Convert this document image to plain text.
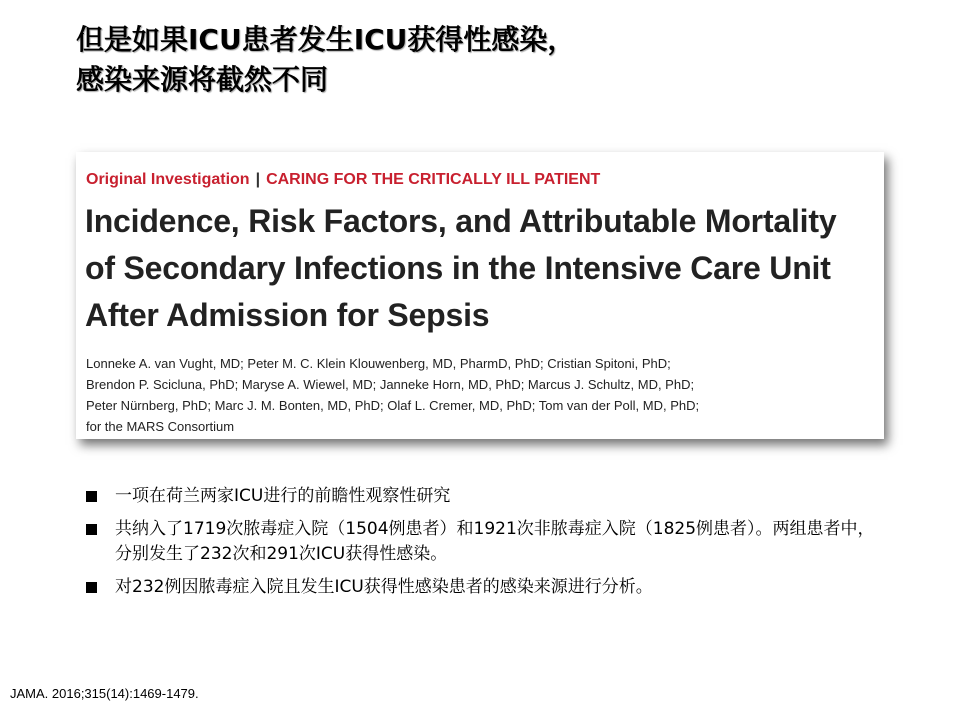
但是如果ICU患者发生ICU获得性感染，
感染来源将截然不同
Original Investigation | CARING FOR THE CRITICALLY ILL PATIENT
Incidence, Risk Factors, and Attributable Mortality
of Secondary Infections in the Intensive Care Unit
After Admission for Sepsis
Lonneke A. van Vught, MD; Peter M. C. Klein Klouwenberg, MD, PharmD, PhD; Cristian Spitoni, PhD;
Brendon P. Scicluna, PhD; Maryse A. Wiewel, MD; Janneke Horn, MD, PhD; Marcus J. Schultz, MD, PhD;
Peter Nürnberg, PhD; Marc J. M. Bonten, MD, PhD; Olaf L. Cremer, MD, PhD; Tom van der Poll, MD, PhD;
for the MARS Consortium
一项在荷兰两家ICU进行的前瞻性观察性研究
共纳入了1719次脓毒症入院（1504例患者）和1921次非脓毒症入院（1825例患者）。两组患者中，分别发生了232次和291次ICU获得性感染。
对232例因脓毒症入院且发生ICU获得性感染患者的感染来源进行分析。
JAMA. 2016;315(14):1469-1479.
